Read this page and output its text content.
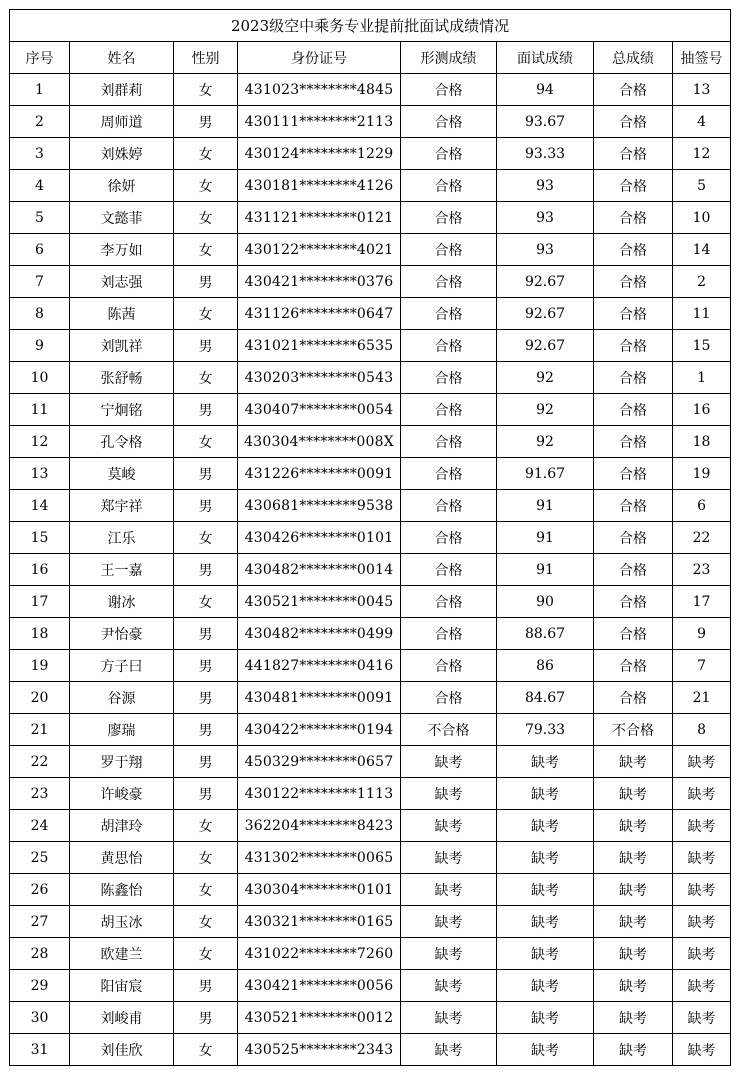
2023级空中乘务专业提前批面试成绩情况							
序号	姓名	性别	身份证号	形测成绩	面试成绩	总成绩	抽签号
1	刘群莉	女	431023********4845	合格	94	合格	13
2	周师道	男	430111********2113	合格	93.67	合格	4
3	刘姝婷	女	430124********1229	合格	93.33	合格	12
4	徐妍	女	430181********4126	合格	93	合格	5
5	文懿菲	女	431121********0121	合格	93	合格	10
6	李万如	女	430122********4021	合格	93	合格	14
7	刘志强	男	430421********0376	合格	92.67	合格	2
8	陈茜	女	431126********0647	合格	92.67	合格	11
9	刘凯祥	男	431021********6535	合格	92.67	合格	15
10	张舒畅	女	430203********0543	合格	92	合格	1
11	宁炯铭	男	430407********0054	合格	92	合格	16
12	孔令格	女	430304********008X	合格	92	合格	18
13	莫峻	男	431226********0091	合格	91.67	合格	19
14	郑宇祥	男	430681********9538	合格	91	合格	6
15	江乐	女	430426********0101	合格	91	合格	22
16	王一嘉	男	430482********0014	合格	91	合格	23
17	谢冰	女	430521********0045	合格	90	合格	17
18	尹怡豪	男	430482********0499	合格	88.67	合格	9
19	方子曰	男	441827********0416	合格	86	合格	7
20	谷源	男	430481********0091	合格	84.67	合格	21
21	廖瑞	男	430422********0194	不合格	79.33	不合格	8
22	罗于翔	男	450329********0657	缺考	缺考	缺考	缺考
23	许峻豪	男	430122********1113	缺考	缺考	缺考	缺考
24	胡津玲	女	362204********8423	缺考	缺考	缺考	缺考
25	黄思怡	女	431302********0065	缺考	缺考	缺考	缺考
26	陈鑫怡	女	430304********0101	缺考	缺考	缺考	缺考
27	胡玉冰	女	430321********0165	缺考	缺考	缺考	缺考
28	欧建兰	女	431022********7260	缺考	缺考	缺考	缺考
29	阳宙宸	男	430421********0056	缺考	缺考	缺考	缺考
30	刘峻甫	男	430521********0012	缺考	缺考	缺考	缺考
31	刘佳欣	女	430525********2343	缺考	缺考	缺考	缺考
